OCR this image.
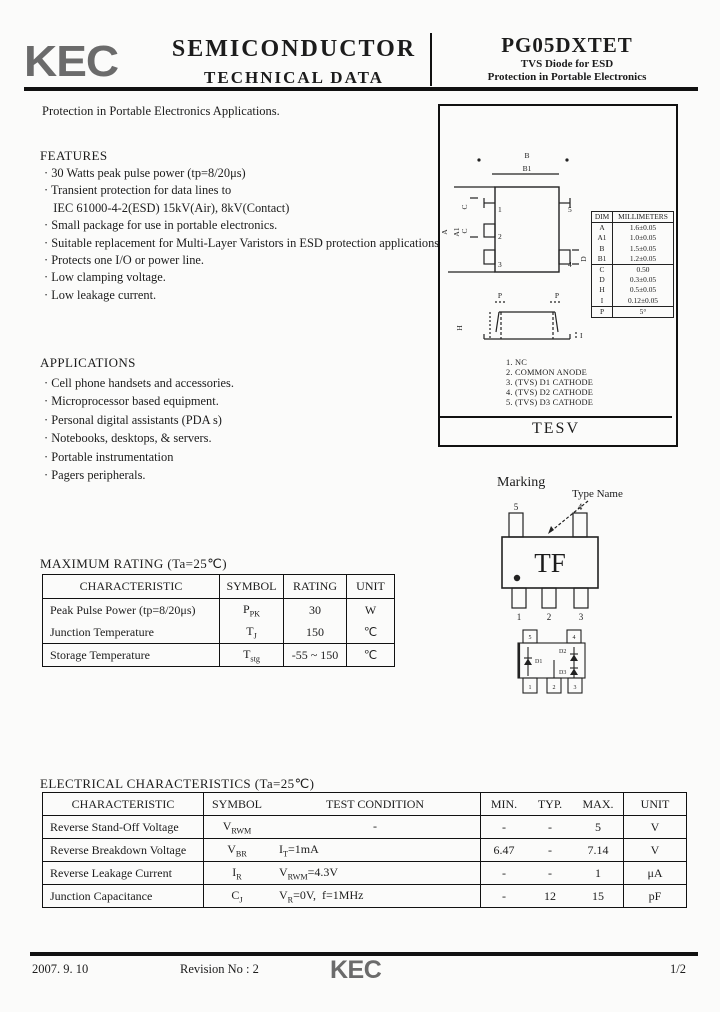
KEC	SEMICONDUCTOR
TECHNICAL DATA
PG05DXTET
TVS Diode for ESD
Protection in Portable Electronics
Protection in Portable Electronics Applications.
FEATURES
· 30 Watts peak pulse power (tp=8/20μs)
· Transient protection for data lines to
IEC 61000-4-2(ESD) 15kV(Air), 8kV(Contact)
· Small package for use in portable electronics.
· Suitable replacement for Multi-Layer Varistors in ESD protection applications
· Protects one I/O or power line.
· Low clamping voltage.
· Low leakage current.
APPLICATIONS
· Cell phone handsets and accessories.
· Microprocessor based equipment.
· Personal digital assistants (PDA s)
· Notebooks, desktops, & servers.
· Portable instrumentation
· Pagers peripherals.
B
B1
A A1
C
C
D
1
2
3
5
4
H
I
P	P
DIM	MILLIMETERS
A	1.6±0.05
A1	1.0±0.05
B	1.5±0.05
B1	1.2±0.05
C	0.50
D	0.3±0.05
H	0.5±0.05
I	0.12±0.05
P	5°
1. NC
2. COMMON ANODE
3. (TVS) D1 CATHODE
4. (TVS) D2 CATHODE
5. (TVS) D3 CATHODE
TESV
Marking
Type Name
TF
5	4
1	2	3
D1
D2
D3
5	4
1	2	3
MAXIMUM RATING (Ta=25℃)
CHARACTERISTIC	SYMBOL	RATING	UNIT
Peak Pulse Power (tp=8/20μs)	$P_{PK}$	30	W
Junction Temperature	$T_J$	150	℃
Storage Temperature	$T_{stg}$	-55 ~ 150	℃
ELECTRICAL CHARACTERISTICS (Ta=25℃)
CHARACTERISTIC	SYMBOL	TEST CONDITION	MIN.	TYP.	MAX.	UNIT
Reverse Stand-Off Voltage	$V_{RWM}$	-	-	-	5	V
Reverse Breakdown Voltage	$V_{BR}$	$I_T=1mA$	6.47	-	7.14	V
Reverse Leakage Current	$I_R$	$V_{RWM}=4.3V$	-	-	1	μA
Junction Capacitance	$C_J$	$V_R=0V$,  f=1MHz	-	12	15	pF
2007. 9. 10	Revision No : 2	KEC	1/2
